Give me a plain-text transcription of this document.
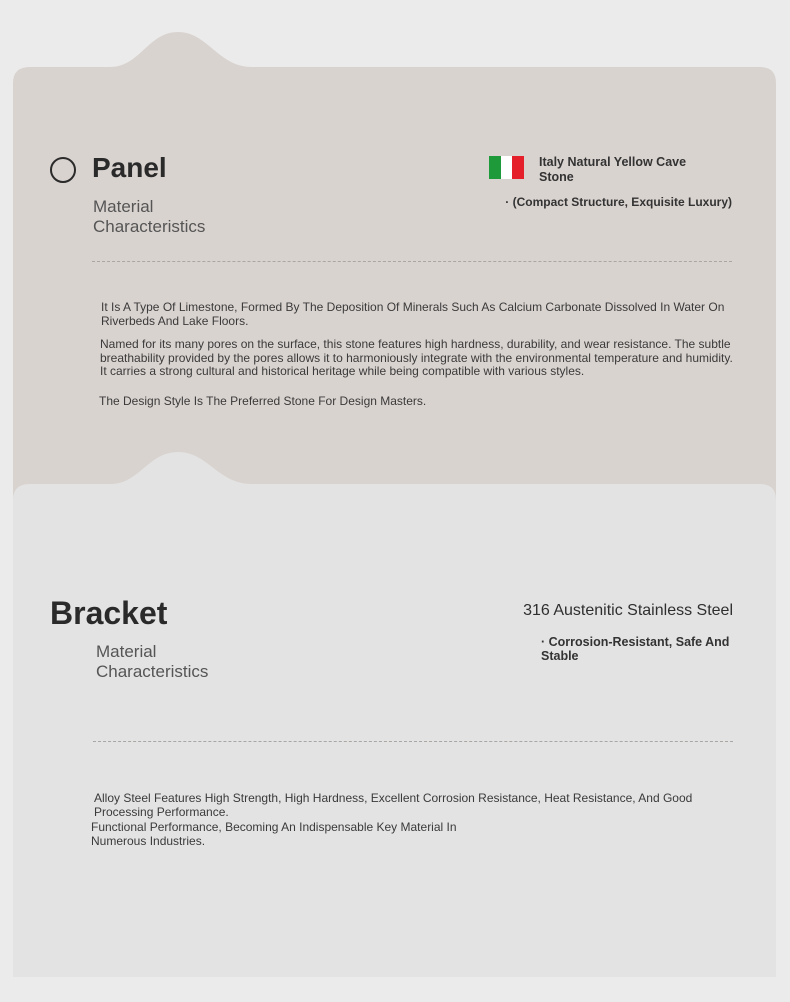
Panel
Material Characteristics
Italy Natural Yellow Cave Stone
· (Compact Structure, Exquisite Luxury)

It Is A Type Of Limestone, Formed By The Deposition Of Minerals Such As Calcium Carbonate Dissolved In Water On Riverbeds And Lake Floors.

Named for its many pores on the surface, this stone features high hardness, durability, and wear resistance. The subtle breathability provided by the pores allows it to harmoniously integrate with the environmental temperature and humidity. It carries a strong cultural and historical heritage while being compatible with various styles.

The Design Style Is The Preferred Stone For Design Masters.

Bracket
Material Characteristics
316 Austenitic Stainless Steel
· Corrosion-Resistant, Safe And Stable

Alloy Steel Features High Strength, High Hardness, Excellent Corrosion Resistance, Heat Resistance, And Good Processing Performance.

Functional Performance, Becoming An Indispensable Key Material In Numerous Industries.
